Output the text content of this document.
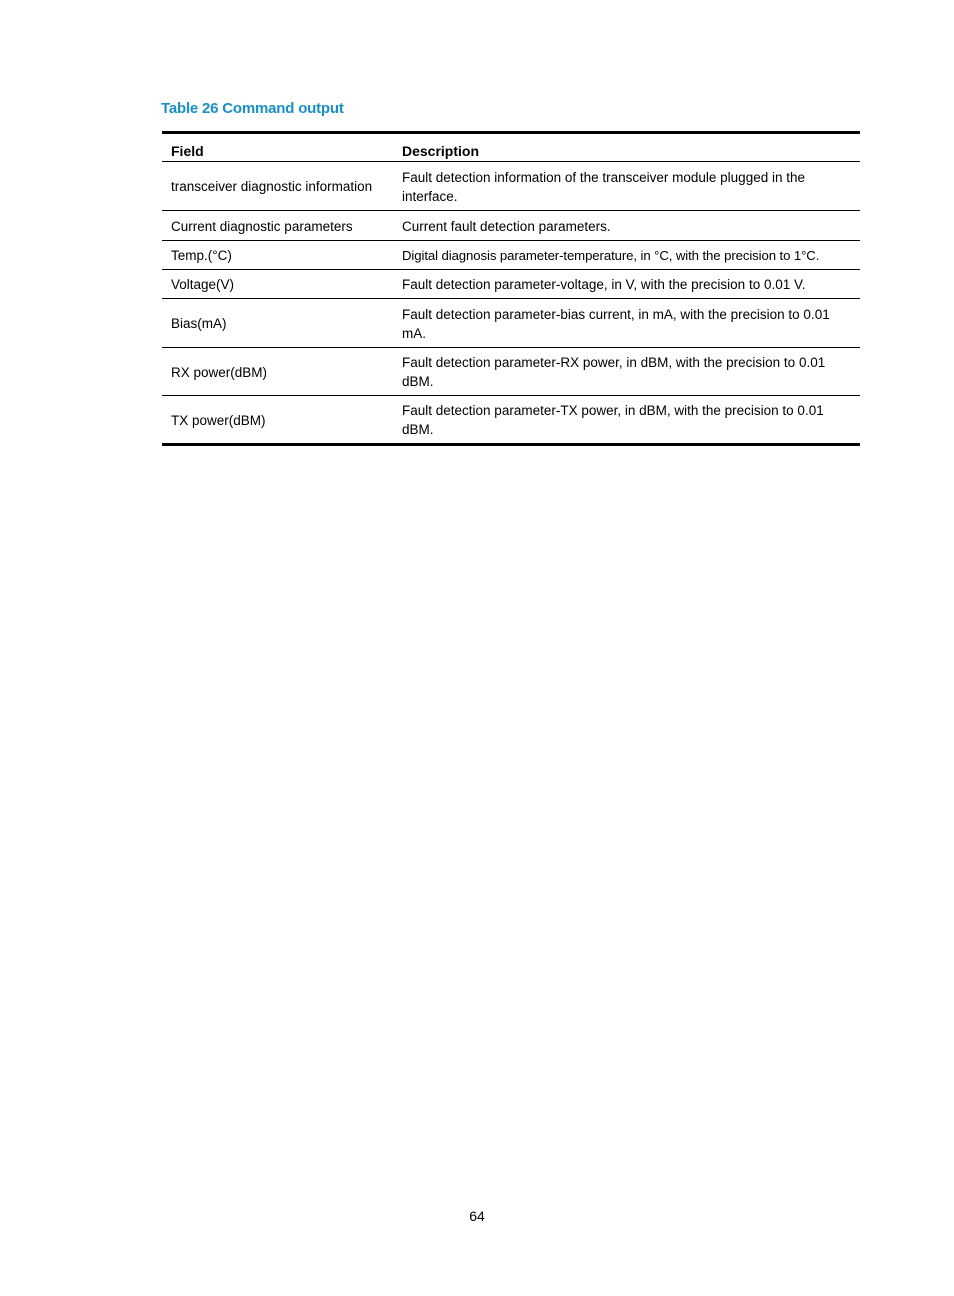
Table 26 Command output
Field	Description
transceiver diagnostic information	Fault detection information of the transceiver module plugged in the interface.
Current diagnostic parameters	Current fault detection parameters.
Temp.(°C)	Digital diagnosis parameter-temperature, in °C, with the precision to 1°C.
Voltage(V)	Fault detection parameter-voltage, in V, with the precision to 0.01 V.
Bias(mA)	Fault detection parameter-bias current, in mA, with the precision to 0.01 mA.
RX power(dBM)	Fault detection parameter-RX power, in dBM, with the precision to 0.01 dBM.
TX power(dBM)	Fault detection parameter-TX power, in dBM, with the precision to 0.01 dBM.
64
